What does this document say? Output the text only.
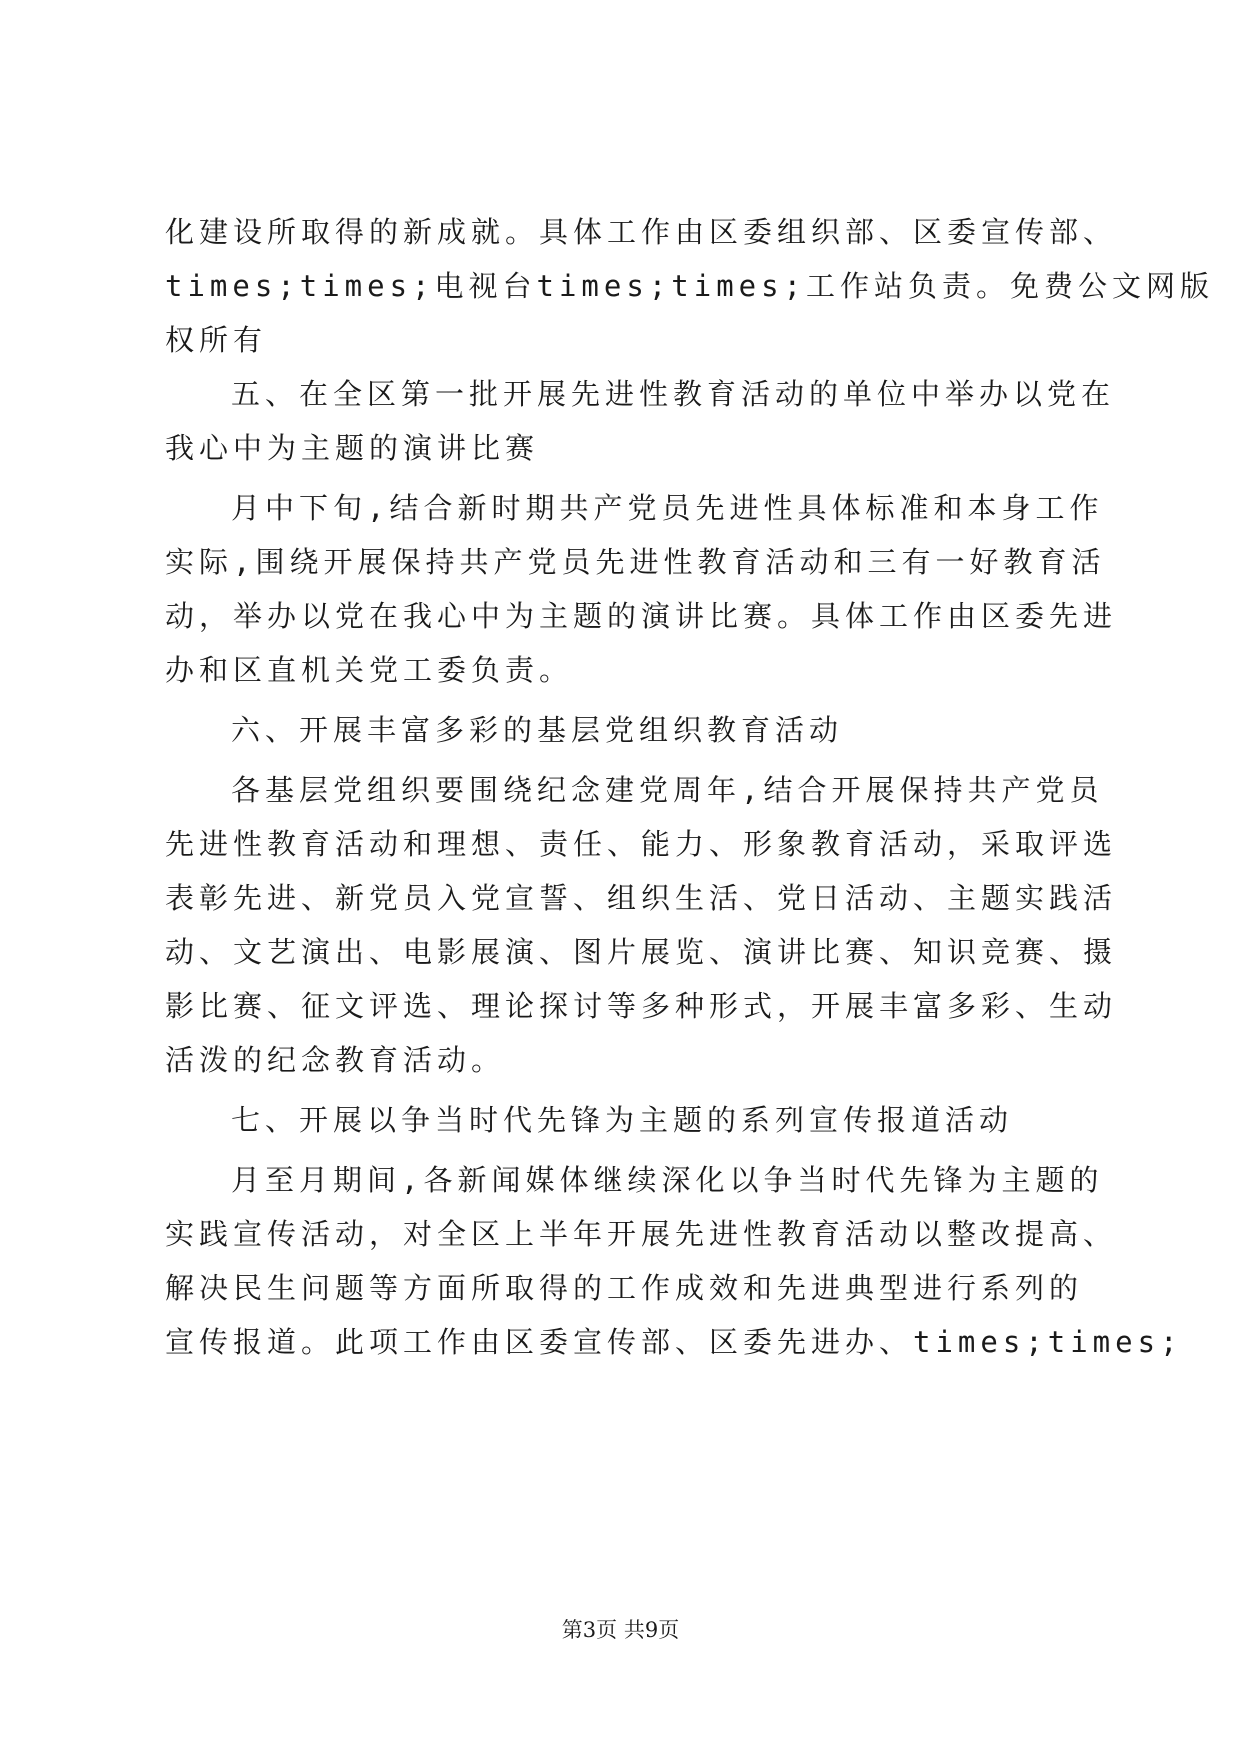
化建设所取得的新成就。具体工作由区委组织部、区委宣传部、
times;times;电视台times;times;工作站负责。免费公文网版
权所有
五、在全区第一批开展先进性教育活动的单位中举办以党在
我心中为主题的演讲比赛
月中下旬,结合新时期共产党员先进性具体标准和本身工作
实际,围绕开展保持共产党员先进性教育活动和三有一好教育活
动，举办以党在我心中为主题的演讲比赛。具体工作由区委先进
办和区直机关党工委负责。
六、开展丰富多彩的基层党组织教育活动
各基层党组织要围绕纪念建党周年,结合开展保持共产党员
先进性教育活动和理想、责任、能力、形象教育活动，采取评选
表彰先进、新党员入党宣誓、组织生活、党日活动、主题实践活
动、文艺演出、电影展演、图片展览、演讲比赛、知识竞赛、摄
影比赛、征文评选、理论探讨等多种形式，开展丰富多彩、生动
活泼的纪念教育活动。
七、开展以争当时代先锋为主题的系列宣传报道活动
月至月期间,各新闻媒体继续深化以争当时代先锋为主题的
实践宣传活动，对全区上半年开展先进性教育活动以整改提高、
解决民生问题等方面所取得的工作成效和先进典型进行系列的
宣传报道。此项工作由区委宣传部、区委先进办、times;times;
第3页 共9页
